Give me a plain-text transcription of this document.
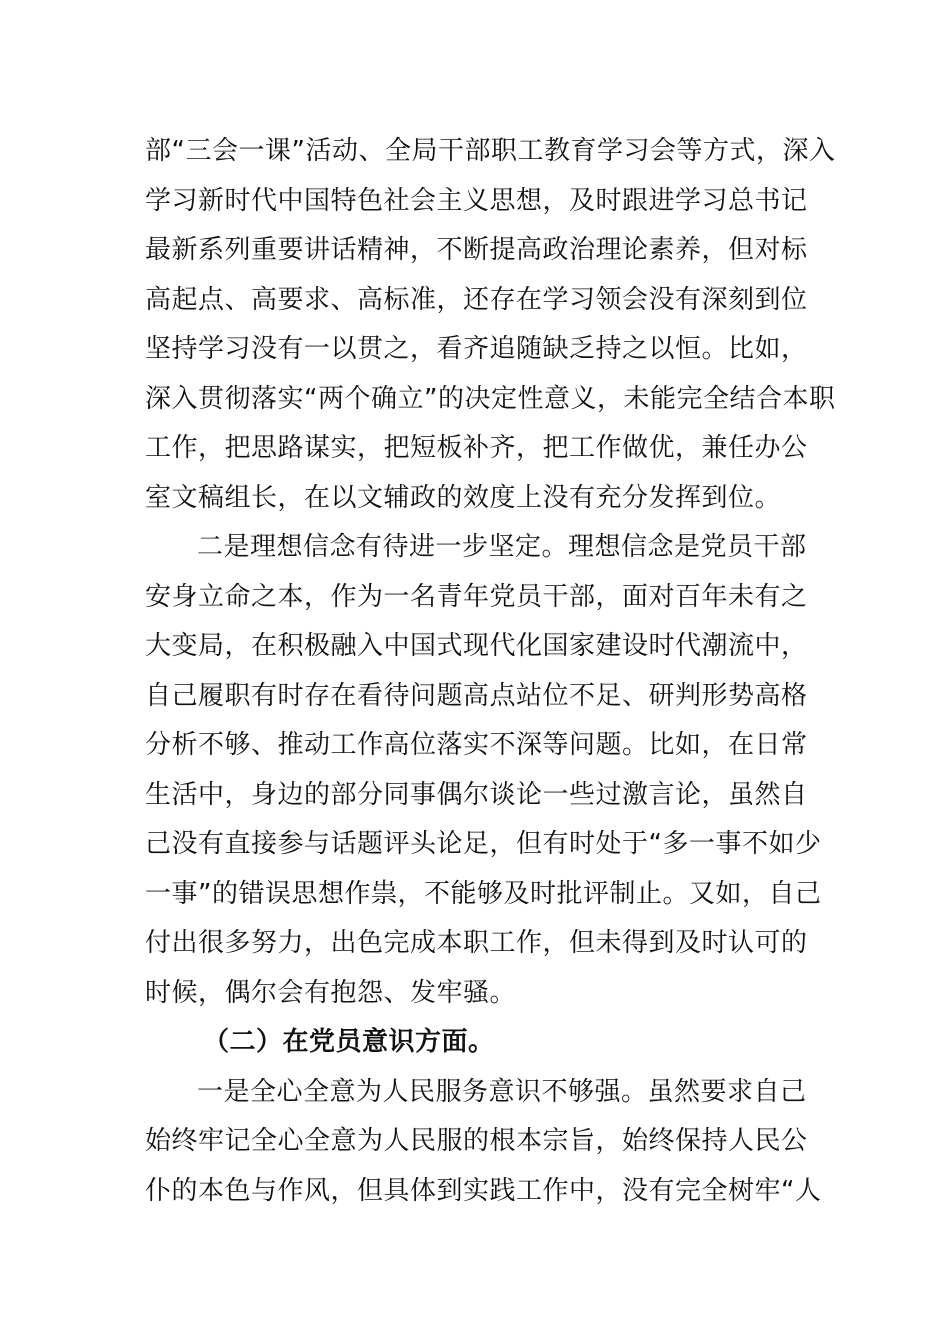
部“三会一课”活动、全局干部职工教育学习会等方式，深入
学习新时代中国特色社会主义思想，及时跟进学习总书记
最新系列重要讲话精神，不断提高政治理论素养，但对标
高起点、高要求、高标准，还存在学习领会没有深刻到位
坚持学习没有一以贯之，看齐追随缺乏持之以恒。比如，
深入贯彻落实“两个确立”的决定性意义，未能完全结合本职
工作，把思路谋实，把短板补齐，把工作做优，兼任办公
室文稿组长，在以文辅政的效度上没有充分发挥到位。
二是理想信念有待进一步坚定。理想信念是党员干部
安身立命之本，作为一名青年党员干部，面对百年未有之
大变局，在积极融入中国式现代化国家建设时代潮流中，
自己履职有时存在看待问题高点站位不足、研判形势高格
分析不够、推动工作高位落实不深等问题。比如，在日常
生活中，身边的部分同事偶尔谈论一些过激言论，虽然自
己没有直接参与话题评头论足，但有时处于“多一事不如少
一事”的错误思想作祟，不能够及时批评制止。又如，自己
付出很多努力，出色完成本职工作，但未得到及时认可的
时候，偶尔会有抱怨、发牢骚。
（二）在党员意识方面。
一是全心全意为人民服务意识不够强。虽然要求自己
始终牢记全心全意为人民服的根本宗旨，始终保持人民公
仆的本色与作风，但具体到实践工作中，没有完全树牢“人
